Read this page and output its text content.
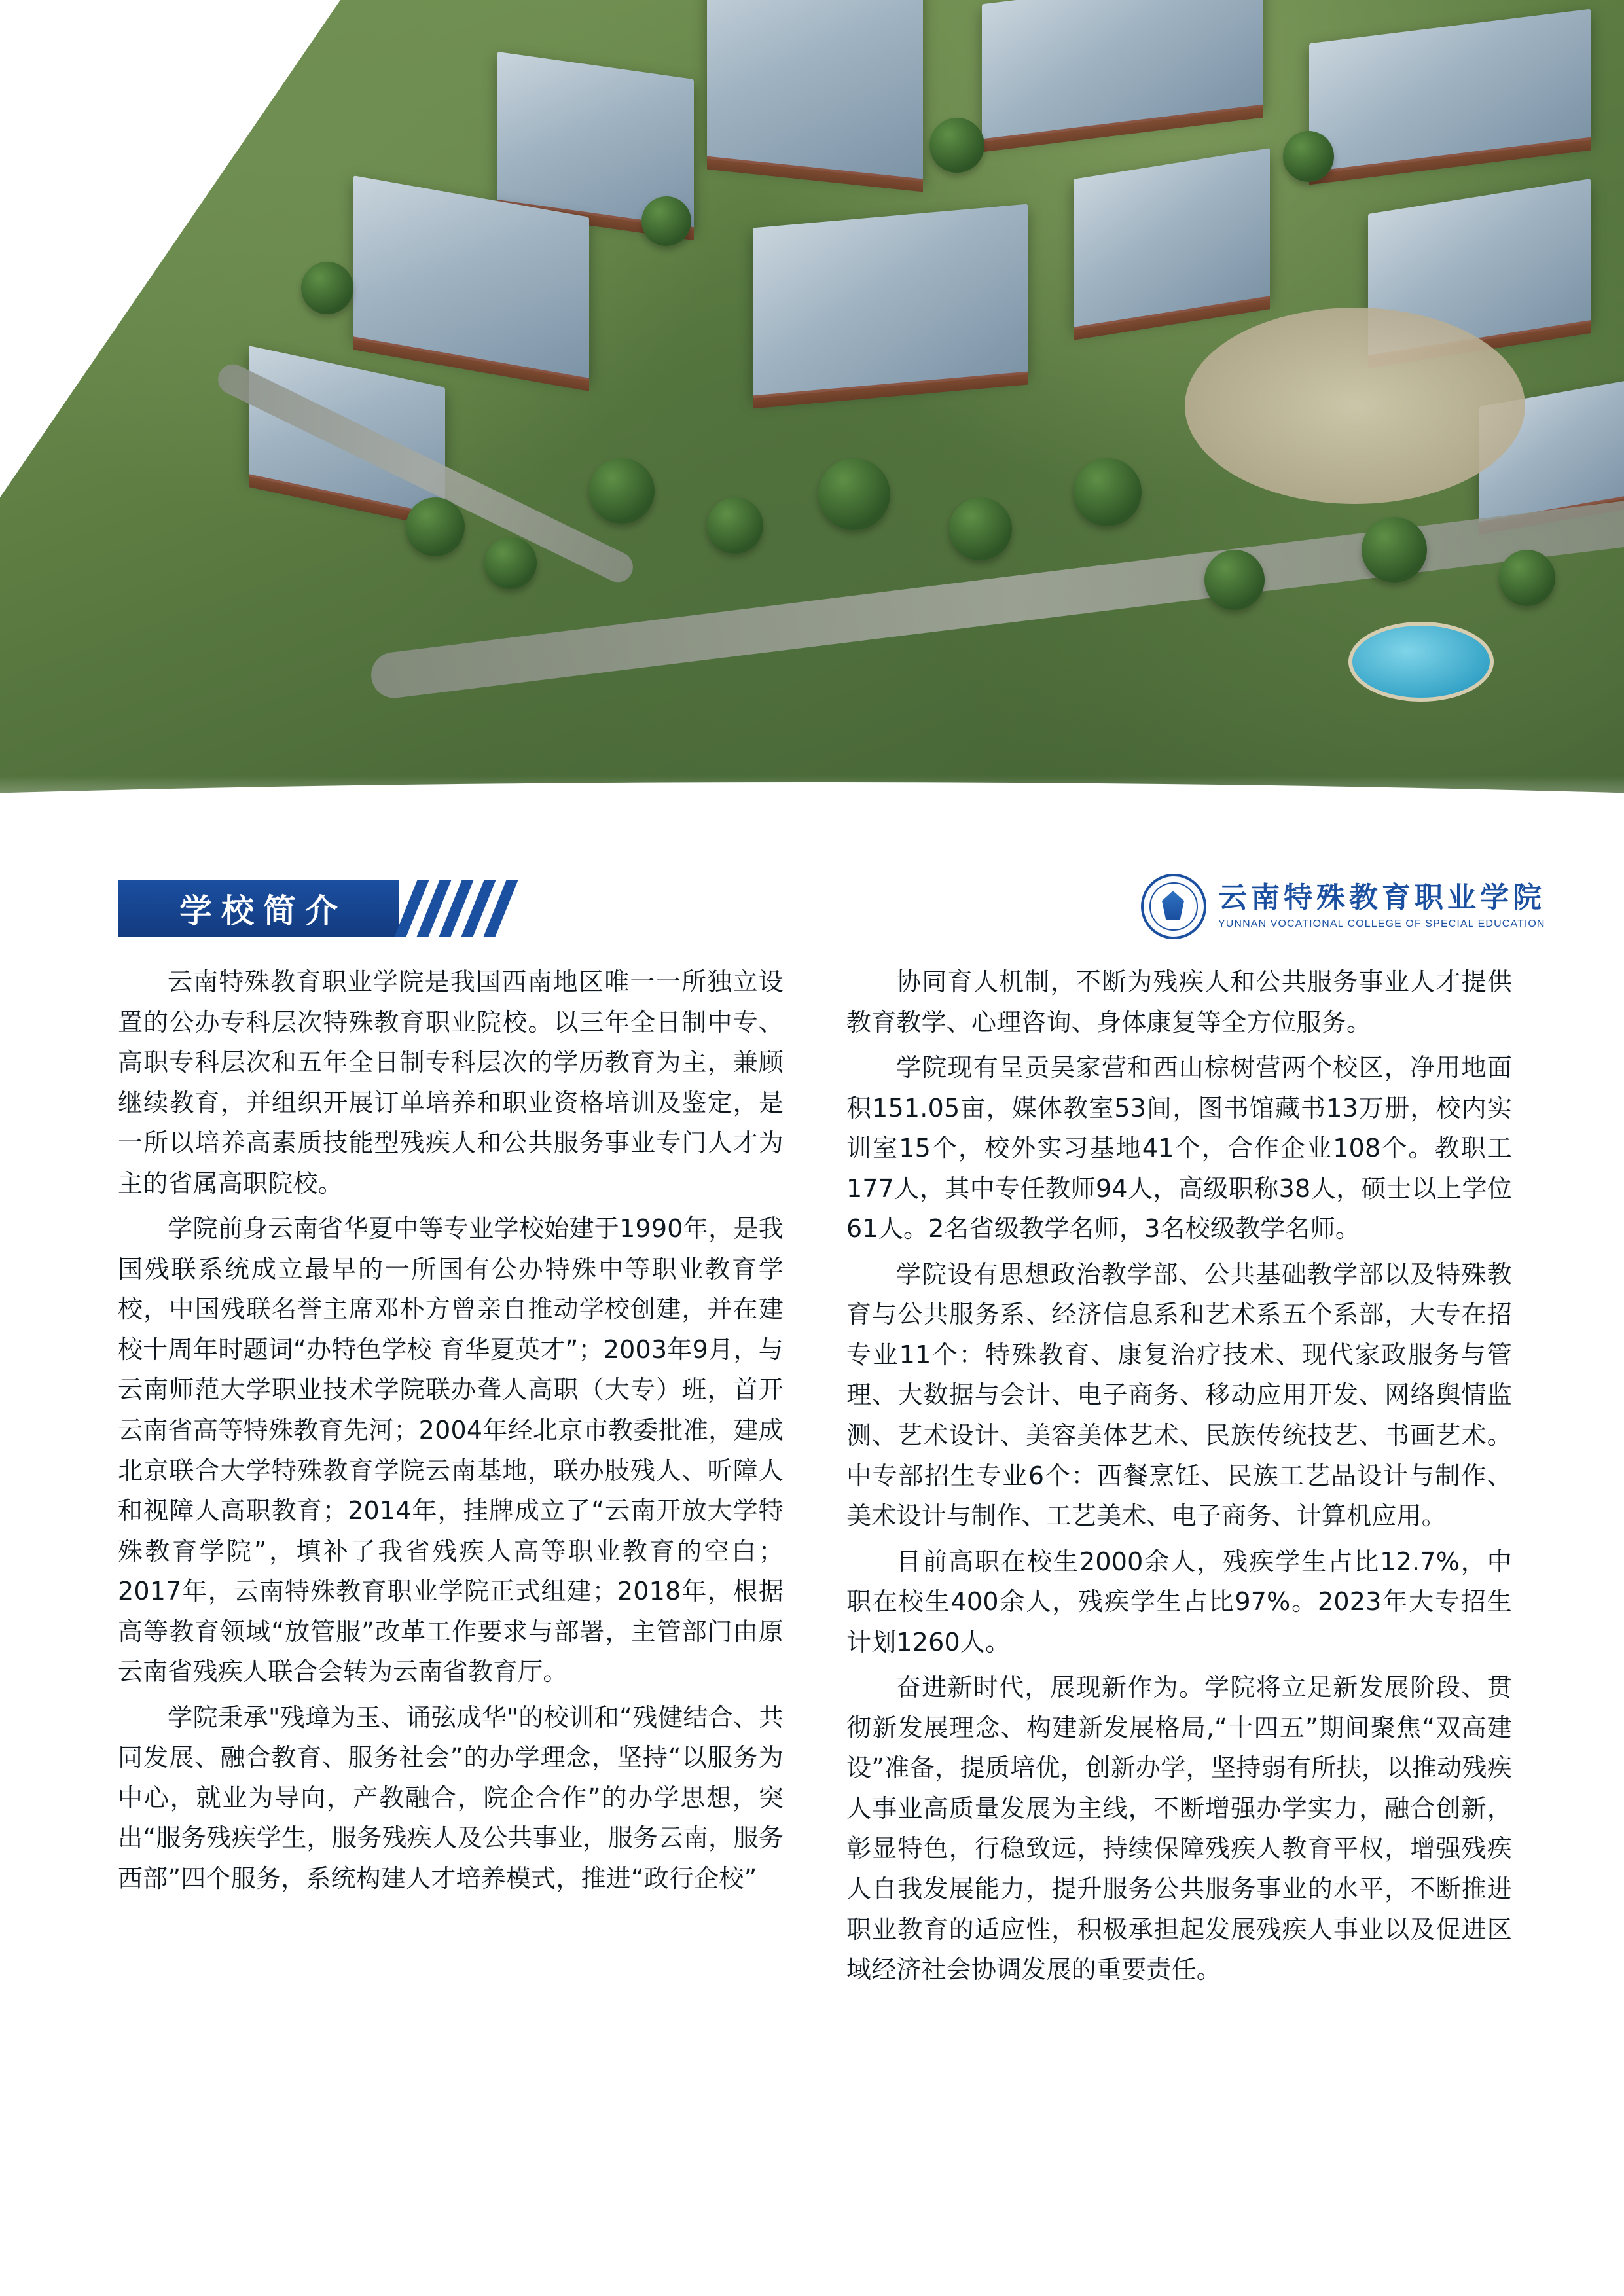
学校简介	云南特殊教育职业学院
YUNNAN VOCATIONAL COLLEGE OF SPECIAL EDUCATION

云南特殊教育职业学院是我国西南地区唯一一所独立设置的公办专科层次特殊教育职业院校。以三年全日制中专、高职专科层次和五年全日制专科层次的学历教育为主，兼顾继续教育，并组织开展订单培养和职业资格培训及鉴定，是一所以培养高素质技能型残疾人和公共服务事业专门人才为主的省属高职院校。

学院前身云南省华夏中等专业学校始建于1990年，是我国残联系统成立最早的一所国有公办特殊中等职业教育学校，中国残联名誉主席邓朴方曾亲自推动学校创建，并在建校十周年时题词“办特色学校 育华夏英才”；2003年9月，与云南师范大学职业技术学院联办聋人高职（大专）班，首开云南省高等特殊教育先河；2004年经北京市教委批准，建成北京联合大学特殊教育学院云南基地，联办肢残人、听障人和视障人高职教育；2014年，挂牌成立了“云南开放大学特殊教育学院”，填补了我省残疾人高等职业教育的空白；2017年，云南特殊教育职业学院正式组建；2018年，根据高等教育领域“放管服”改革工作要求与部署，主管部门由原云南省残疾人联合会转为云南省教育厅。

学院秉承"残璋为玉、诵弦成华"的校训和“残健结合、共同发展、融合教育、服务社会”的办学理念，坚持“以服务为中心，就业为导向，产教融合，院企合作”的办学思想，突出“服务残疾学生，服务残疾人及公共事业，服务云南，服务西部”四个服务，系统构建人才培养模式，推进“政行企校”

协同育人机制，不断为残疾人和公共服务事业人才提供教育教学、心理咨询、身体康复等全方位服务。

学院现有呈贡吴家营和西山棕树营两个校区，净用地面积151.05亩，媒体教室53间，图书馆藏书13万册，校内实训室15个，校外实习基地41个，合作企业108个。教职工177人，其中专任教师94人，高级职称38人，硕士以上学位61人。2名省级教学名师，3名校级教学名师。

学院设有思想政治教学部、公共基础教学部以及特殊教育与公共服务系、经济信息系和艺术系五个系部，大专在招专业11个：特殊教育、康复治疗技术、现代家政服务与管理、大数据与会计、电子商务、移动应用开发、网络舆情监测、艺术设计、美容美体艺术、民族传统技艺、书画艺术。中专部招生专业6个：西餐烹饪、民族工艺品设计与制作、美术设计与制作、工艺美术、电子商务、计算机应用。

目前高职在校生2000余人，残疾学生占比12.7%，中职在校生400余人，残疾学生占比97%。2023年大专招生计划1260人。

奋进新时代，展现新作为。学院将立足新发展阶段、贯彻新发展理念、构建新发展格局,“十四五”期间聚焦“双高建设”准备，提质培优，创新办学，坚持弱有所扶，以推动残疾人事业高质量发展为主线，不断增强办学实力，融合创新，彰显特色，行稳致远，持续保障残疾人教育平权，增强残疾人自我发展能力，提升服务公共服务事业的水平，不断推进职业教育的适应性，积极承担起发展残疾人事业以及促进区域经济社会协调发展的重要责任。
